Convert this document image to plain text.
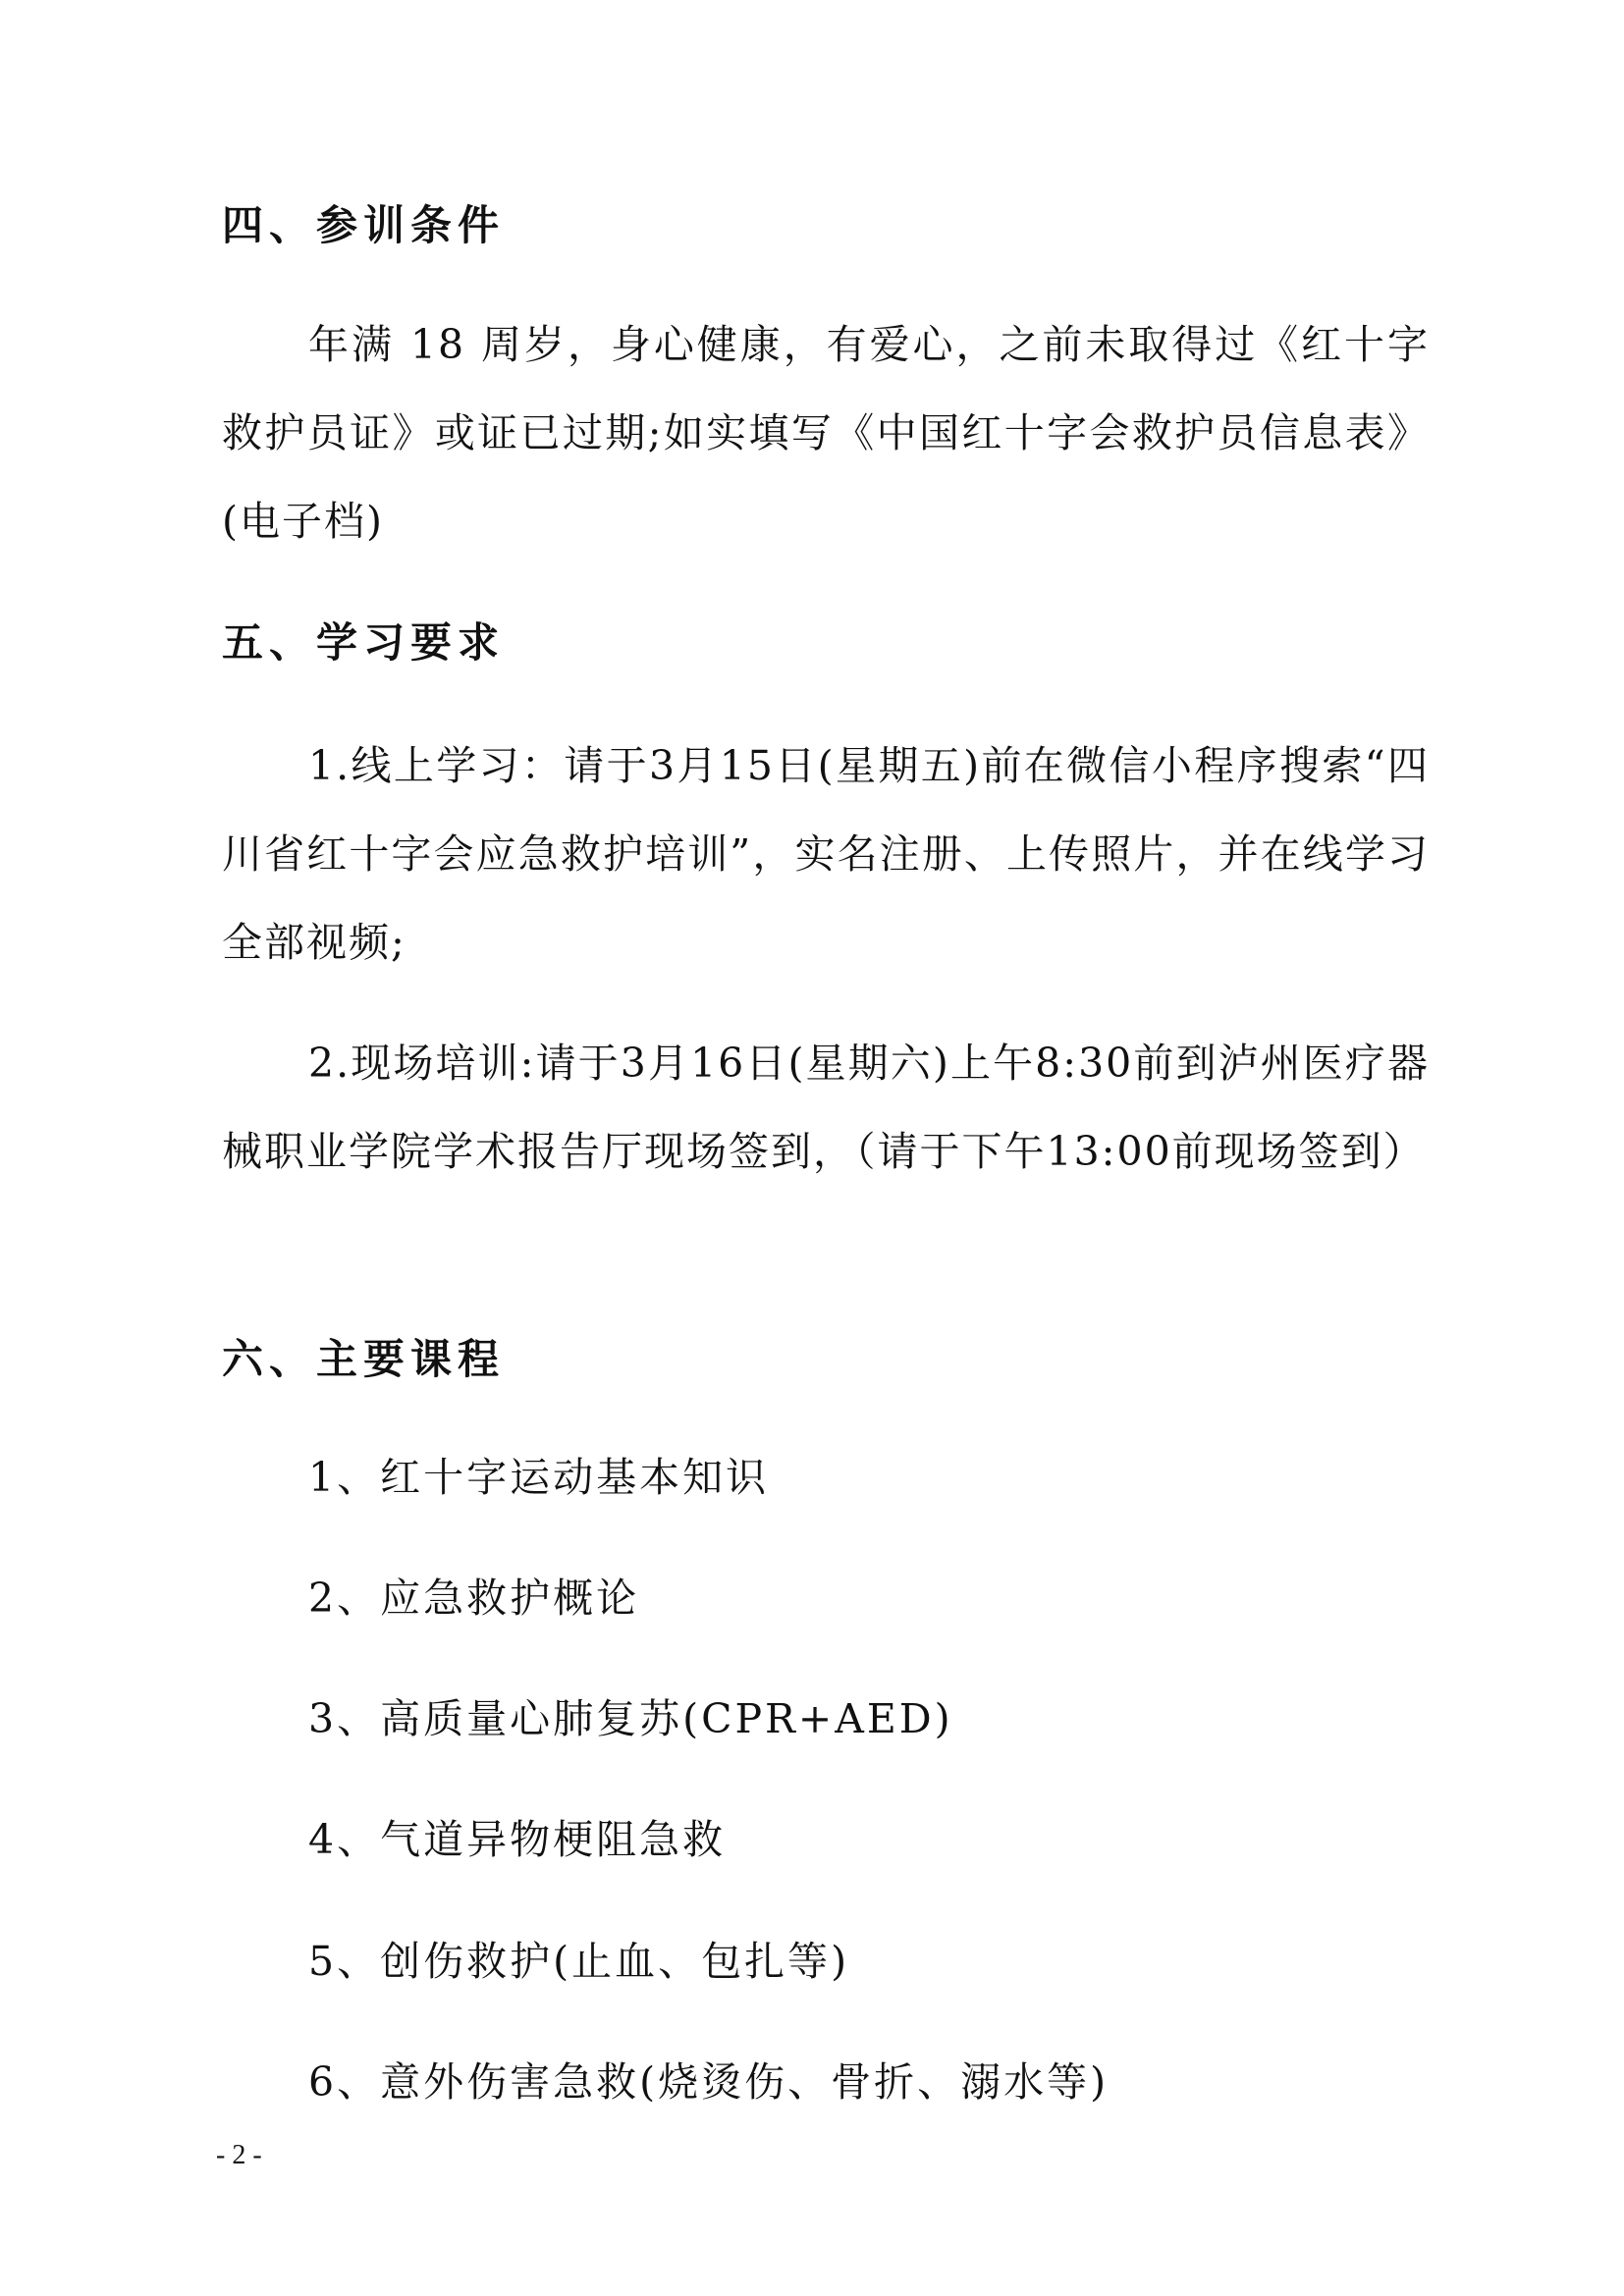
四、参训条件
年满 18 周岁，身心健康，有爱心，之前未取得过《红十字救护员证》或证已过期;如实填写《中国红十字会救护员信息表》(电子档)
五、学习要求
1.线上学习：请于3月15日(星期五)前在微信小程序搜索“四川省红十字会应急救护培训”，实名注册、上传照片，并在线学习全部视频;
2.现场培训:请于3月16日(星期六)上午8:30前到泸州医疗器械职业学院学术报告厅现场签到，（请于下午13:00前现场签到）
六、主要课程
1、红十字运动基本知识
2、应急救护概论
3、高质量心肺复苏(CPR+AED)
4、气道异物梗阻急救
5、创伤救护(止血、包扎等)
6、意外伤害急救(烧烫伤、骨折、溺水等)
- 2 -
